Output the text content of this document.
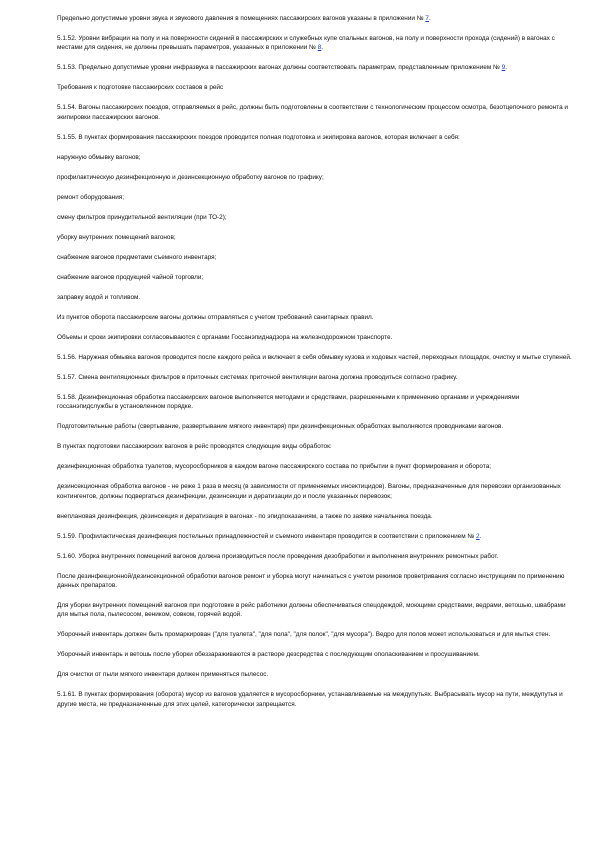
Предельно допустимые уровни звука и звукового давления в помещениях пассажирских вагонов указаны в приложении № 7.

5.1.52. Уровни вибрации на полу и на поверхности сидений в пассажирских и служебных купе спальных вагонов, на полу и поверхности прохода (сидений) в вагонах с местами для сидения, не должны превышать параметров, указанных в приложении № 8.

5.1.53. Предельно допустимые уровни инфразвука в пассажирских вагонах должны соответствовать параметрам, представленным приложением № 9.

Требования к подготовке пассажирских составов в рейс

5.1.54. Вагоны пассажирских поездов, отправляемых в рейс, должны быть подготовлены в соответствии с технологическим процессом осмотра, безотцепочного ремонта и экипировки пассажирских вагонов.

5.1.55. В пунктах формирования пассажирских поездов проводится полная подготовка и экипировка вагонов, которая включает в себя:

наружную обмывку вагонов;

профилактическую дезинфекционную и дезинсекционную обработку вагонов по графику;

ремонт оборудования;

смену фильтров принудительной вентиляции (при ТО-2);

уборку внутренних помещений вагонов;

снабжение вагонов предметами съемного инвентаря;

снабжение вагонов продукцией чайной торговли;

заправку водой и топливом.

Из пунктов оборота пассажирские вагоны должны отправляться с учетом требований санитарных правил.

Объемы и сроки экипировки согласовываются с органами Госсанэпиднадзора на железнодорожном транспорте.

5.1.56. Наружная обмывка вагонов проводится после каждого рейса и включает в себя обмывку кузова и ходовых частей, переходных площадок, очистку и мытье ступеней.

5.1.57. Смена вентиляционных фильтров в приточных системах приточной вентиляции вагона должна проводиться согласно графику.

5.1.58. Дезинфекционная обработка пассажирских вагонов выполняется методами и средствами, разрешенными к применению органами и учреждениями госсанэпидслужбы в установленном порядке.

Подготовительные работы (свертывание, развертывание мягкого инвентаря) при дезинфекционных обработках выполняются проводниками вагонов.

В пунктах подготовки пассажирских вагонов в рейс проводятся следующие виды обработок:

дезинфекционная обработка туалетов, мусоросборников в каждом вагоне пассажирского состава по прибытии в пункт формирования и оборота;

дезинсекционная обработка вагонов - не реже 1 раза в месяц (в зависимости от применяемых инсектицидов). Вагоны, предназначенные для перевозки организованных контингентов, должны подвергаться дезинфекции, дезинсекции и дератизации до и после указанных перевозок;

внеплановая дезинфекция, дезинсекция и дератизация в вагонах - по эпидпоказаниям, а также по заявке начальника поезда.

5.1.59. Профилактическая дезинфекция постельных принадлежностей и съемного инвентаря проводится в соответствии с приложением № 2.

5.1.60. Уборка внутренних помещений вагонов должна производиться после проведения дезобработки и выполнения внутренних ремонтных работ.

После дезинфекционной/дезинсекционной обработки вагонов ремонт и уборка могут начинаться с учетом режимов проветривания согласно инструкциям по применению данных препаратов.

Для уборки внутренних помещений вагонов при подготовке в рейс работники должны обеспечиваться спецодеждой, моющими средствами, ведрами, ветошью, швабрами для мытья пола, пылесосом, веником, совком, горячей водой.

Уборочный инвентарь должен быть промаркирован ("для туалета", "для пола", "для полок", "для мусора"). Ведро для полов может использоваться и для мытья стен.

Уборочный инвентарь и ветошь после уборки обеззараживаются в растворе дезсредства с последующим ополаскиванием и просушиванием.

Для очистки от пыли мягкого инвентаря должен применяться пылесос.

5.1.61. В пунктах формирования (оборота) мусор из вагонов удаляется в мусоросборники, устанавливаемые на междупутьях. Выбрасывать мусор на пути, междупутья и другие места, не предназначенные для этих целей, категорически запрещается.
